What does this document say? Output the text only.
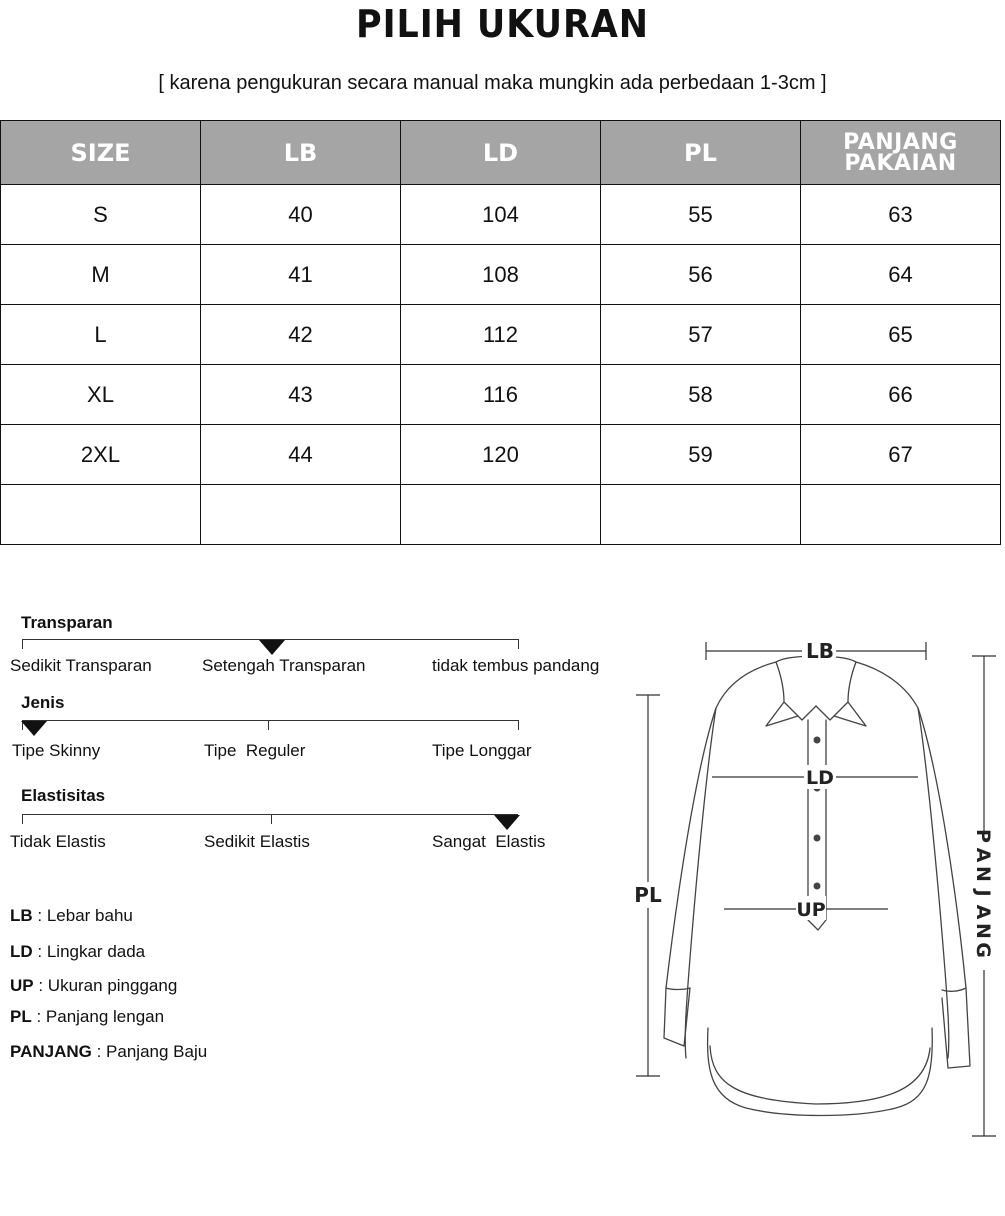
PILIH UKURAN
[ karena pengukuran secara manual maka mungkin ada perbedaan 1-3cm ]
SIZE	LB	LD	PL	PANJANG PAKAIAN
S	40	104	55	63
M	41	108	56	64
L	42	112	57	65
XL	43	116	58	66
2XL	44	120	59	67

Transparan
Sedikit Transparan	Setengah Transparan	tidak tembus pandang
Jenis
Tipe Skinny	Tipe  Reguler	Tipe Longgar
Elastisitas
Tidak Elastis	Sedikit Elastis	Sangat  Elastis
LB : Lebar bahu
LD : Lingkar dada
UP : Ukuran pinggang
PL : Panjang lengan
PANJANG : Panjang Baju
LB
LD
UP
PL
P
A
N
J
A
N
G
